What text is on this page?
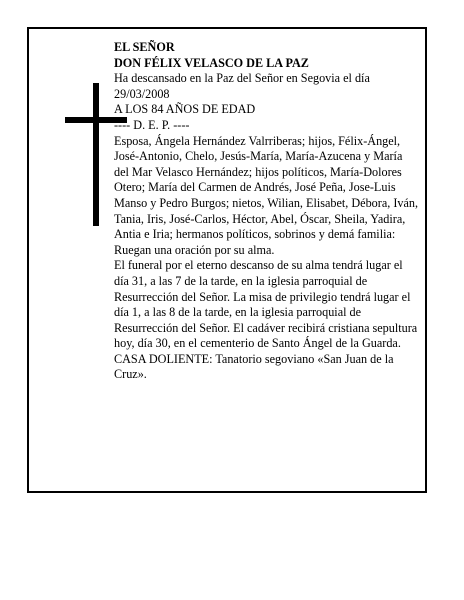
EL SEÑOR

DON FÉLIX VELASCO DE LA PAZ

Ha descansado en la Paz del Señor en Segovia el día 29/03/2008

A LOS 84 AÑOS DE EDAD

---- D. E. P. ----

Esposa, Ángela Hernández Valrriberas; hijos, Félix-Ángel, José-Antonio, Chelo, Jesús-María, María-Azucena y María del Mar Velasco Hernández; hijos políticos, María-Dolores Otero; María del Carmen de Andrés, José Peña, Jose-Luis Manso y Pedro Burgos; nietos, Wilian, Elisabet, Débora, Iván, Tania, Iris, José-Carlos, Héctor, Abel, Óscar, Sheila, Yadira, Antia e Iria; hermanos políticos, sobrinos y demá familia:

Ruegan una oración por su alma.

El funeral por el eterno descanso de su alma tendrá lugar el día 31, a las 7 de la tarde, en la iglesia parroquial de Resurrección del Señor. La misa de privilegio tendrá lugar el día 1, a las 8 de la tarde, en la iglesia parroquial de Resurrección del Señor. El cadáver recibirá cristiana sepultura hoy, día 30, en el cementerio de Santo Ángel de la Guarda.

CASA DOLIENTE: Tanatorio segoviano «San Juan de la Cruz».
